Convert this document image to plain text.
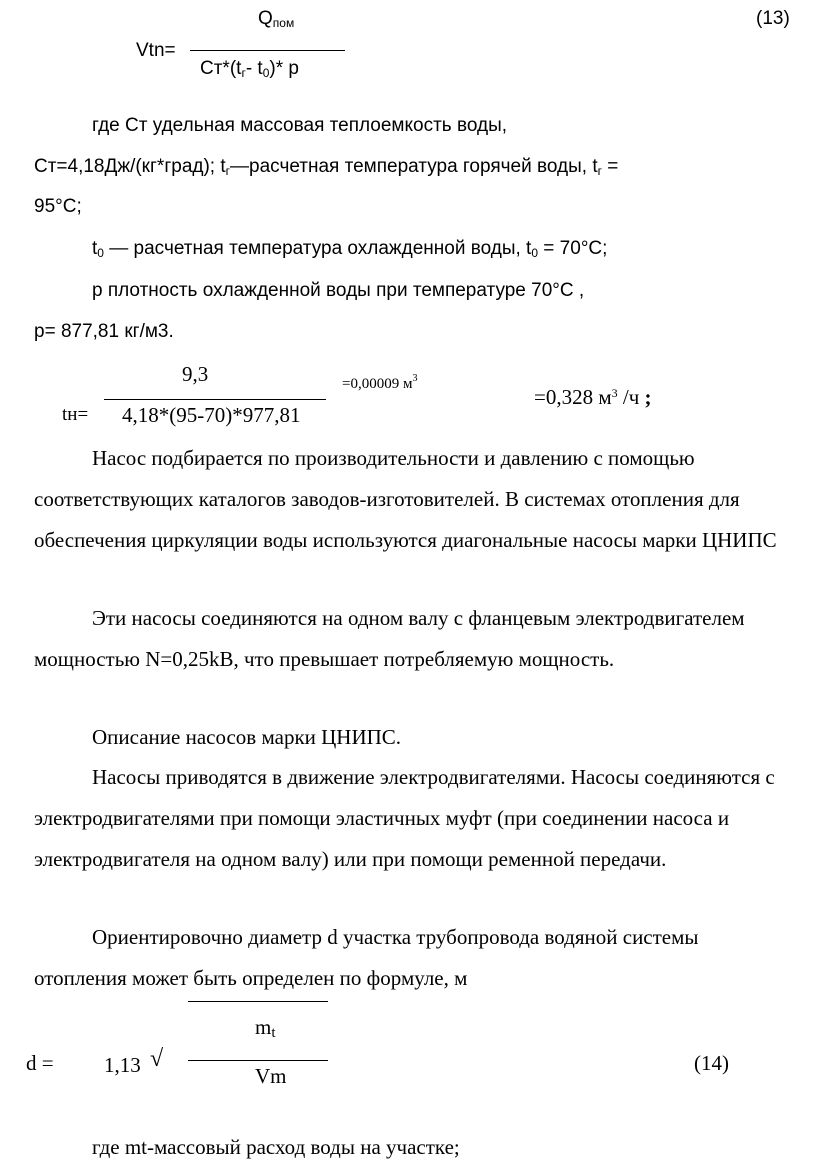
$Q_{пом}$
Vtn=
$Ст*(t_г-$ $t_0)*$ p
(13)
где Ст удельная массовая теплоемкость воды,
Ст=4,18Дж/(кг*град); $t_г—расчетная$ температура горячей воды, $t_г$ =
95°С;
$t_0$ — расчетная температура охлажденной воды, $t_0 = 70^\circ С$;
p плотность охлажденной воды при температуре 70°С ,
p= 877,81 кг/м3.
9,3
tн= 4,18*(95-70)*977,81
=0,00009 $м^3$
=0,328 $м^3$ /ч ;
Насос подбирается по производительности и давлению с помощью соответствующих каталогов заводов-изготовителей. В системах отопления для обеспечения циркуляции воды используются диагональные насосы марки ЦНИПС
Эти насосы соединяются на одном валу с фланцевым электродвигателем мощностью N=0,25kB, что превышает потребляемую мощность.
Описание насосов марки ЦНИПС.
Насосы приводятся в движение электродвигателями. Насосы соединяются с электродвигателями при помощи эластичных муфт (при соединении насоса и электродвигателя на одном валу) или при помощи ременной передачи.
Ориентировочно диаметр d участка трубопровода водяной системы отопления может быть определен по формуле, м
$m_t$
d = 1,13 √
Vm
(14)
где mt-массовый расход воды на участке;
